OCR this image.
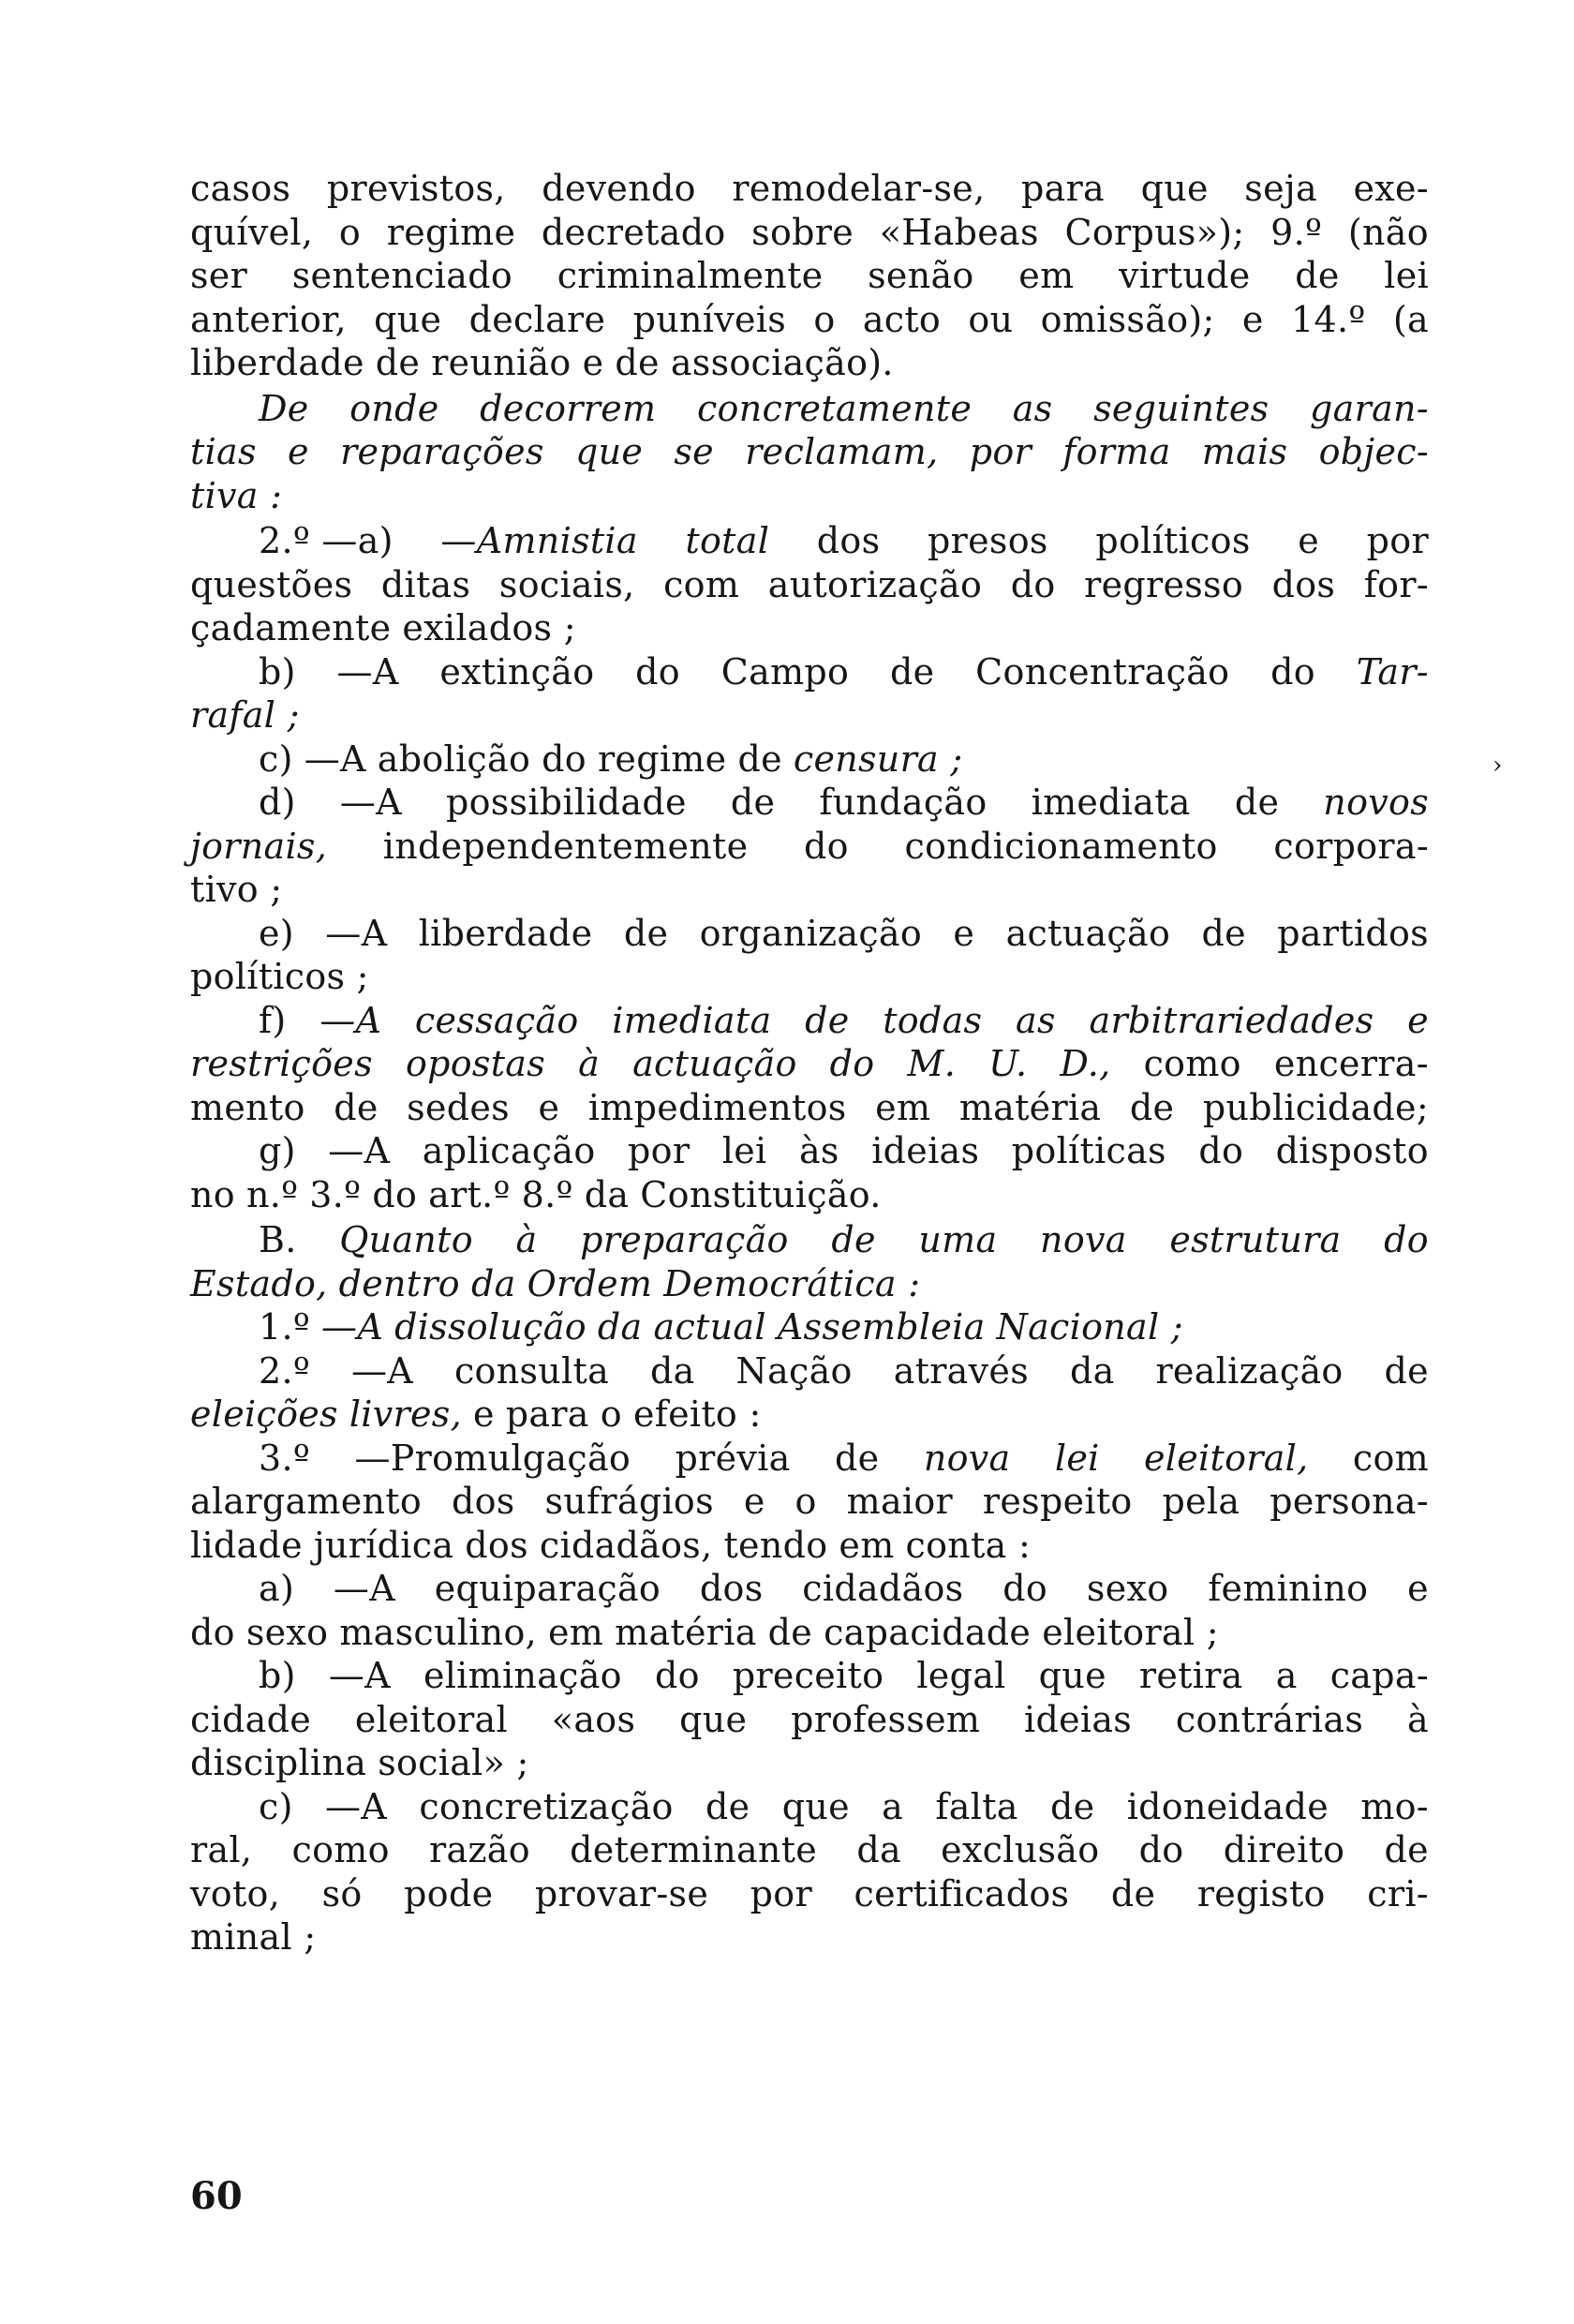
casos previstos, devendo remodelar-se, para que seja exe-
quível, o regime decretado sobre «Habeas Corpus»); 9.º (não
ser sentenciado criminalmente senão em virtude de lei
anterior, que declare puníveis o acto ou omissão); e 14.º (a
liberdade de reunião e de associação).
De onde decorrem concretamente as seguintes garan-
tias e reparações que se reclamam, por forma mais objec-
tiva :
2.º —a) —Amnistia total dos presos políticos e por
questões ditas sociais, com autorização do regresso dos for-
çadamente exilados ;
b) —A extinção do Campo de Concentração do Tar-
rafal ;
c) —A abolição do regime de censura ;
d) —A possibilidade de fundação imediata de novos
jornais, independentemente do condicionamento corpora-
tivo ;
e) —A liberdade de organização e actuação de partidos
políticos ;
f) —A cessação imediata de todas as arbitrariedades e
restrições opostas à actuação do M. U. D., como encerra-
mento de sedes e impedimentos em matéria de publicidade;
g) —A aplicação por lei às ideias políticas do disposto
no n.º 3.º do art.º 8.º da Constituição.
B. Quanto à preparação de uma nova estrutura do
Estado, dentro da Ordem Democrática :
1.º —A dissolução da actual Assembleia Nacional ;
2.º —A consulta da Nação através da realização de
eleições livres, e para o efeito :
3.º —Promulgação prévia de nova lei eleitoral, com
alargamento dos sufrágios e o maior respeito pela persona-
lidade jurídica dos cidadãos, tendo em conta :
a) —A equiparação dos cidadãos do sexo feminino e
do sexo masculino, em matéria de capacidade eleitoral ;
b) —A eliminação do preceito legal que retira a capa-
cidade eleitoral «aos que professem ideias contrárias à
disciplina social» ;
c) —A concretização de que a falta de idoneidade mo-
ral, como razão determinante da exclusão do direito de
voto, só pode provar-se por certificados de registo cri-
minal ;
›
60
